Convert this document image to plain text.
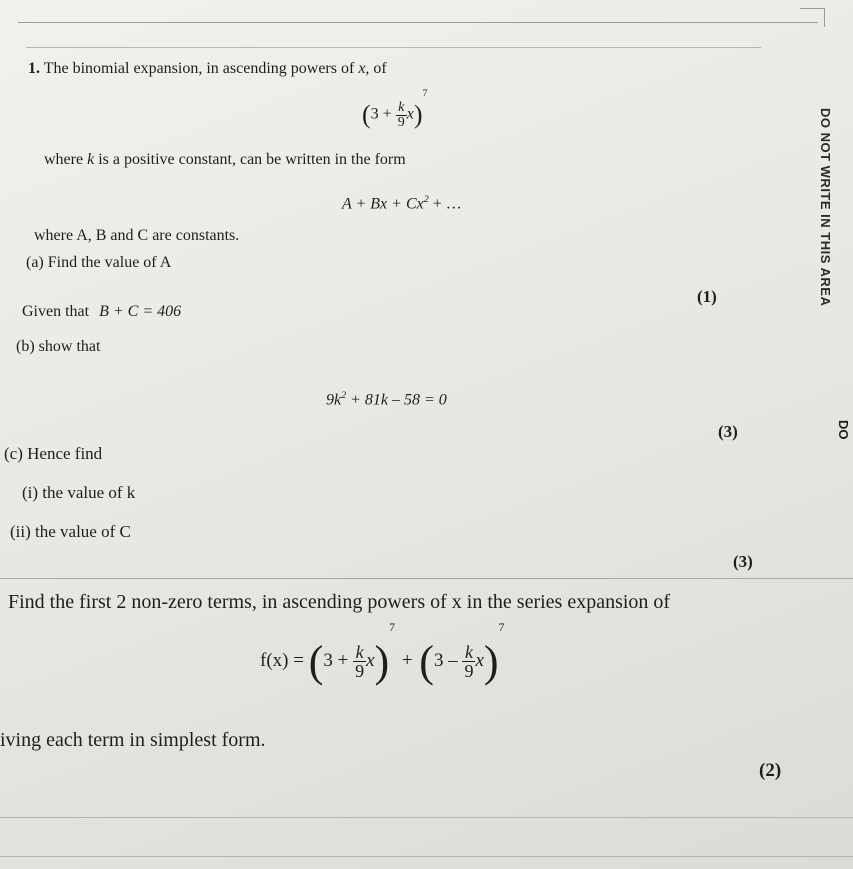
1. The binomial expansion, in ascending powers of x, of
$(3 + \frac{k}{9} x)^7$
where k is a positive constant, can be written in the form
$A + Bx + Cx^2$ + …
where A, B and C are constants.
(a) Find the value of A
(1)
Given that B + C = 406
(b) show that
$9k^2 + 81k - 58 = 0$
(3)
(c) Hence find
(i) the value of k
(ii) the value of C
(3)
DO NOT WRITE IN THIS AREA
DO
Find the first 2 non-zero terms, in ascending powers of x in the series expansion of
$f(x) = (3 + \frac{k}{9} x)^7 + (3 - \frac{k}{9} x)^7$
iving each term in simplest form.
(2)
